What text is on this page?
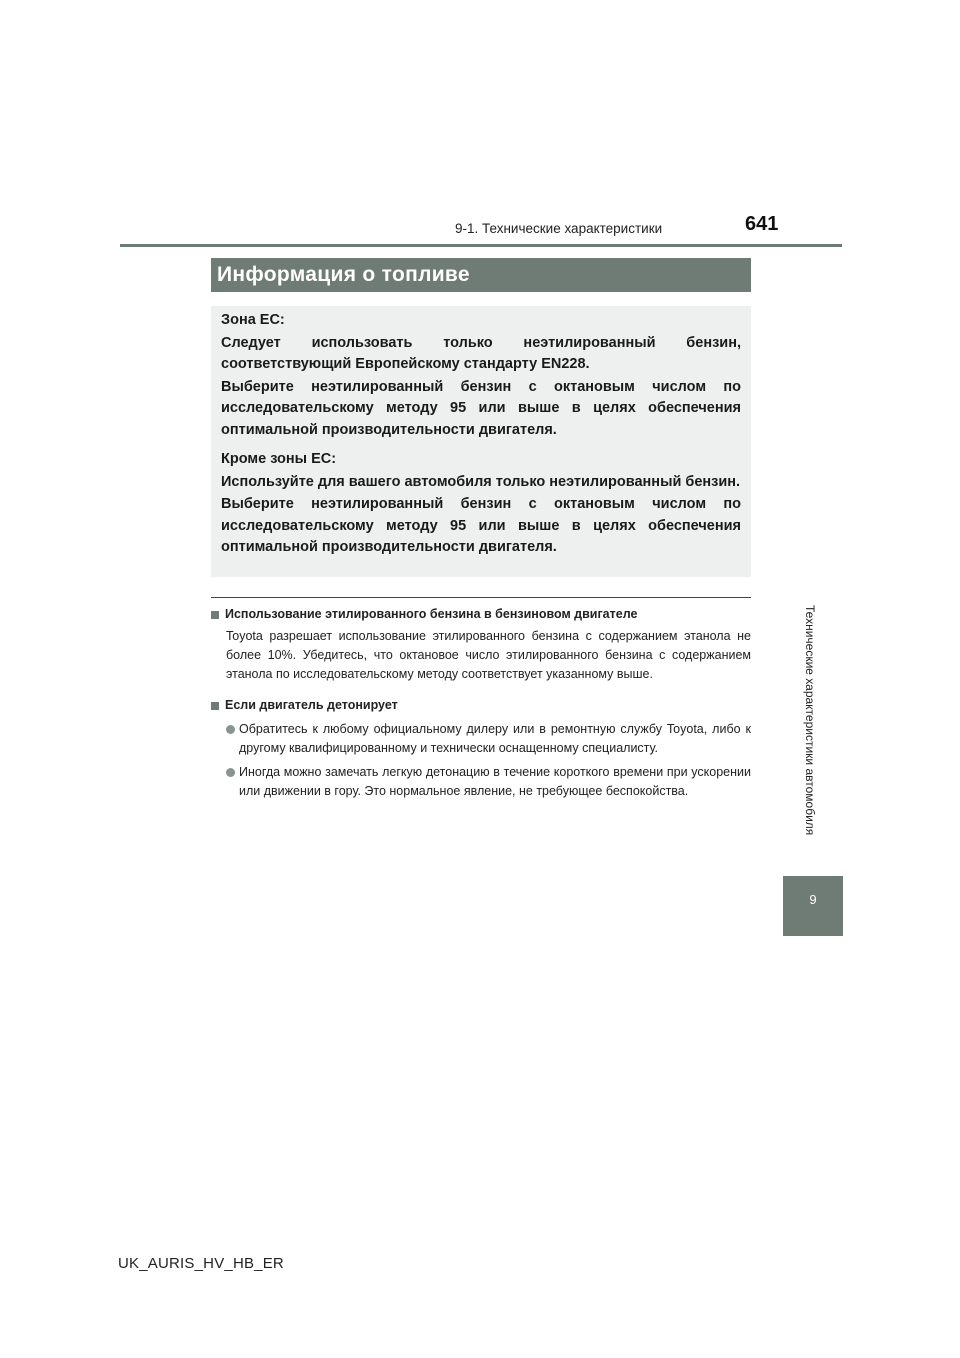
9-1. Технические характеристики	641
Информация о топливе

Зона ЕС:

Следует использовать только неэтилированный бензин, соответствующий Европейскому стандарту EN228.

Выберите неэтилированный бензин с октановым числом по исследовательскому методу 95 или выше в целях обеспечения оптимальной производительности двигателя.

Кроме зоны ЕС:

Используйте для вашего автомобиля только неэтилированный бензин.

Выберите неэтилированный бензин с октановым числом по исследовательскому методу 95 или выше в целях обеспечения оптимальной производительности двигателя.

Использование этилированного бензина в бензиновом двигателе

Toyota разрешает использование этилированного бензина с содержанием этанола не более 10%. Убедитесь, что октановое число этилированного бензина с содержанием этанола по исследовательскому методу соответствует указанному выше.

Если двигатель детонирует

Обратитесь к любому официальному дилеру или в ремонтную службу Toyota, либо к другому квалифицированному и технически оснащенному специалисту.
Иногда можно замечать легкую детонацию в течение короткого времени при ускорении или движении в гору. Это нормальное явление, не требующее беспокойства.	Технические характеристики автомобиля
9
UK_AURIS_HV_HB_ER
